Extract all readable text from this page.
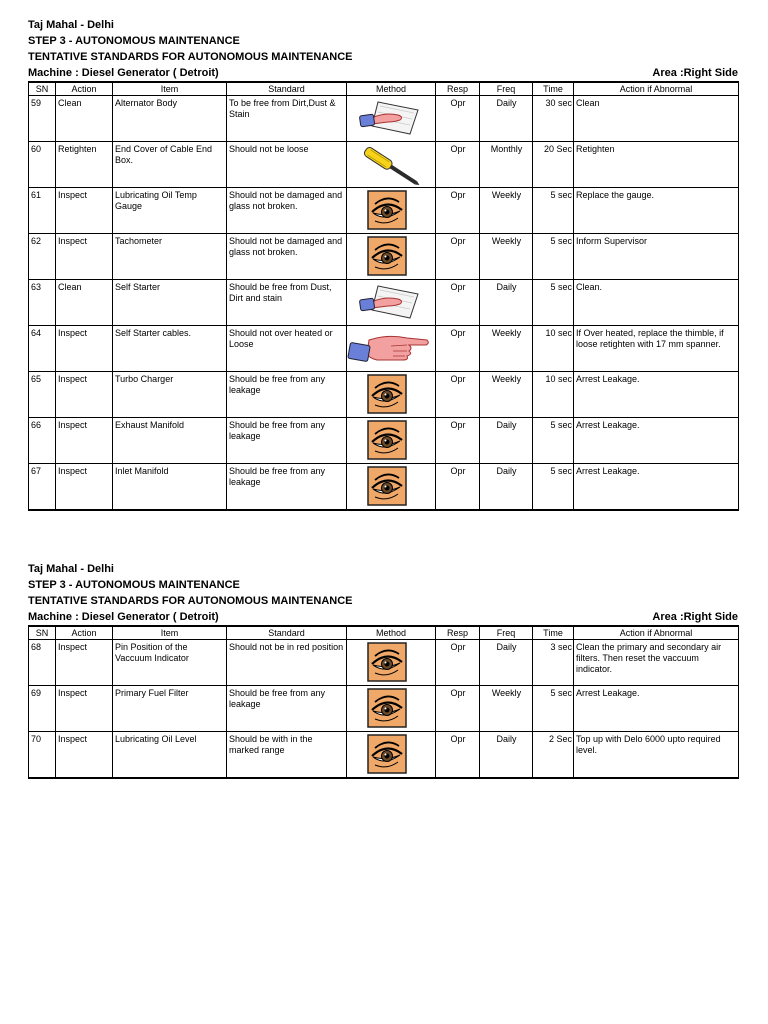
Taj Mahal - Delhi
STEP 3 - AUTONOMOUS MAINTENANCE
TENTATIVE STANDARDS FOR AUTONOMOUS MAINTENANCE
Machine : Diesel Generator ( Detroit)	Area :Right Side
SN	Action	Item	Standard	Method	Resp	Freq	Time	Action if Abnormal
59	Clean	Alternator Body	To be free from Dirt,Dust & Stain		Opr	Daily	30 sec	Clean
60	Retighten	End Cover of Cable End Box.	Should not be loose		Opr	Monthly	20 Sec	Retighten
61	Inspect	Lubricating Oil Temp Gauge	Should not be damaged and glass not broken.		Opr	Weekly	5 sec	Replace the gauge.
62	Inspect	Tachometer	Should not be damaged and glass not broken.		Opr	Weekly	5 sec	Inform Supervisor
63	Clean	Self Starter	Should be free from Dust, Dirt and stain		Opr	Daily	5 sec	Clean.
64	Inspect	Self Starter cables.	Should not over heated or Loose		Opr	Weekly	10 sec	If Over heated, replace the thimble, if loose retighten with 17 mm spanner.
65	Inspect	Turbo Charger	Should be free from any leakage		Opr	Weekly	10 sec	Arrest Leakage.
66	Inspect	Exhaust Manifold	Should be free from any leakage		Opr	Daily	5 sec	Arrest Leakage.
67	Inspect	Inlet Manifold	Should be free from any leakage		Opr	Daily	5 sec	Arrest Leakage.
Taj Mahal - Delhi
STEP 3 - AUTONOMOUS MAINTENANCE
TENTATIVE STANDARDS FOR AUTONOMOUS MAINTENANCE
Machine : Diesel Generator ( Detroit)	Area :Right Side
SN	Action	Item	Standard	Method	Resp	Freq	Time	Action if Abnormal
68	Inspect	Pin Position of the Vaccuum Indicator	Should not be in red position		Opr	Daily	3 sec	Clean the primary and secondary air filters. Then reset the vaccuum indicator.
69	Inspect	Primary Fuel Filter	Should be free from any leakage		Opr	Weekly	5 sec	Arrest Leakage.
70	Inspect	Lubricating Oil Level	Should be with in the marked range		Opr	Daily	2 Sec	Top up with Delo 6000 upto required level.
